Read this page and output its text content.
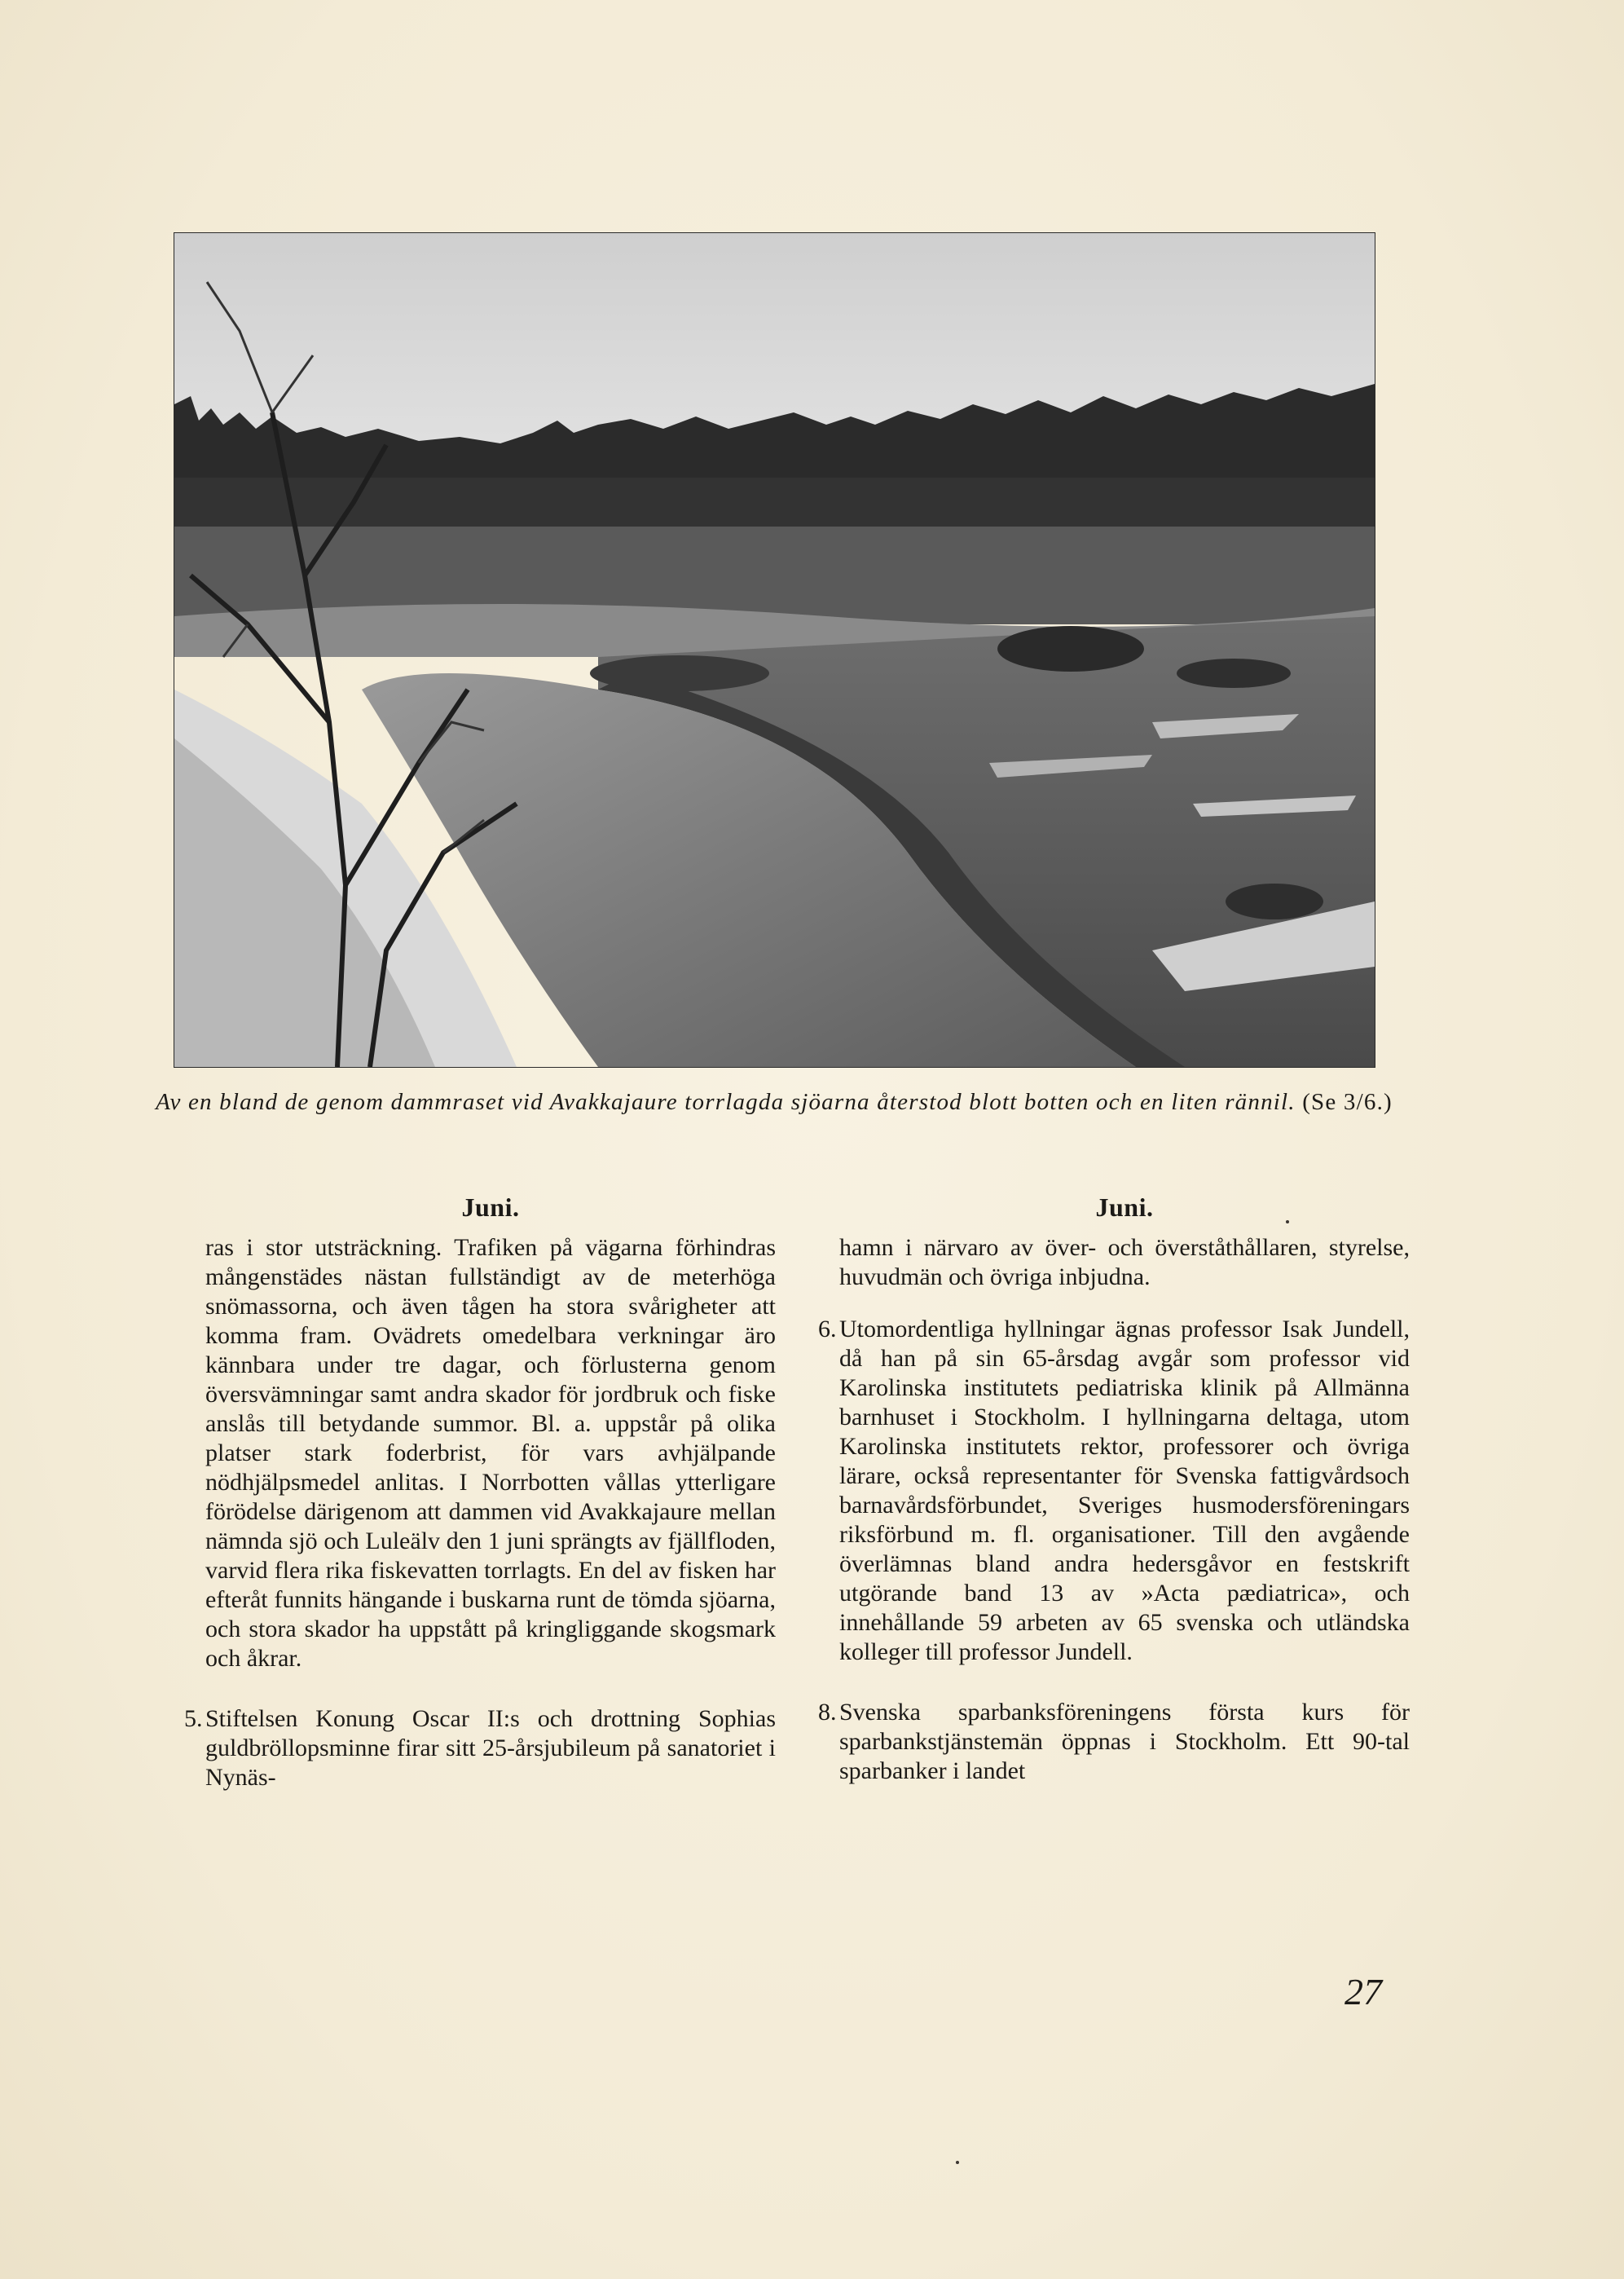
Av en bland de genom dammraset vid Avakkajaure torrlagda sjöarna återstod blott botten och en liten rännil. (Se 3/6.)
Juni.

ras i stor utsträckning. Trafiken på vägarna förhindras mångenstädes nästan fullständigt av de meterhöga snömassorna, och även tågen ha stora svårigheter att komma fram. Ovädrets omedelbara verkningar äro kännbara under tre dagar, och förlusterna genom översvämningar samt andra skador för jordbruk och fiske anslås till betydande summor. Bl. a. uppstår på olika platser stark foderbrist, för vars avhjälpande nödhjälpsmedel anlitas. I Norrbotten vållas ytterligare förödelse därigenom att dammen vid Avakkajaure mellan nämnda sjö och Luleälv den 1 juni sprängts av fjällfloden, varvid flera rika fiskevatten torrlagts. En del av fisken har efteråt funnits hängande i buskarna runt de tömda sjöarna, och stora skador ha uppstått på kringliggande skogsmark och åkrar.

5. Stiftelsen Konung Oscar II:s och drottning Sophias guldbröllopsminne firar sitt 25-årsjubileum på sanatoriet i Nynäs-
Juni.

hamn i närvaro av över- och överståthållaren, styrelse, huvudmän och övriga inbjudna.

6. Utomordentliga hyllningar ägnas professor Isak Jundell, då han på sin 65-årsdag avgår som professor vid Karolinska institutets pediatriska klinik på Allmänna barnhuset i Stockholm. I hyllningarna deltaga, utom Karolinska institutets rektor, professorer och övriga lärare, också representanter för Svenska fattigvårdsoch barnavårdsförbundet, Sveriges husmodersföreningars riksförbund m. fl. organisationer. Till den avgående överlämnas bland andra hedersgåvor en festskrift utgörande band 13 av »Acta pædiatrica», och innehållande 59 arbeten av 65 svenska och utländska kolleger till professor Jundell.
8. Svenska sparbanksföreningens första kurs för sparbankstjänstemän öppnas i Stockholm. Ett 90-tal sparbanker i landet
27
